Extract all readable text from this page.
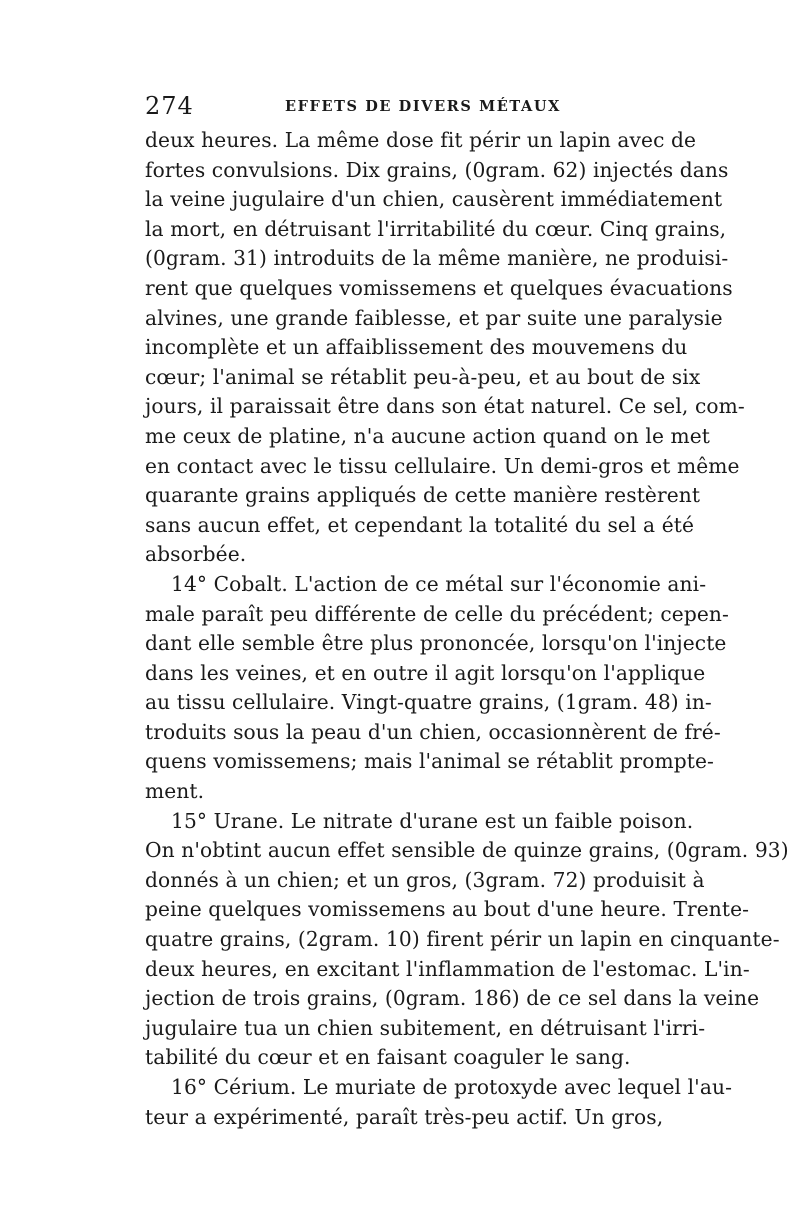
274	EFFETS DE DIVERS MÉTAUX
deux heures. La même dose fit périr un lapin avec de
fortes convulsions. Dix grains, (0gram. 62) injectés dans
la veine jugulaire d'un chien, causèrent immédiatement
la mort, en détruisant l'irritabilité du cœur. Cinq grains,
(0gram. 31) introduits de la même manière, ne produisi-
rent que quelques vomissemens et quelques évacuations
alvines, une grande faiblesse, et par suite une paralysie
incomplète et un affaiblissement des mouvemens du
cœur; l'animal se rétablit peu-à-peu, et au bout de six
jours, il paraissait être dans son état naturel. Ce sel, com-
me ceux de platine, n'a aucune action quand on le met
en contact avec le tissu cellulaire. Un demi-gros et même
quarante grains appliqués de cette manière restèrent
sans aucun effet, et cependant la totalité du sel a été
absorbée.
14° Cobalt. L'action de ce métal sur l'économie ani-
male paraît peu différente de celle du précédent; cepen-
dant elle semble être plus prononcée, lorsqu'on l'injecte
dans les veines, et en outre il agit lorsqu'on l'applique
au tissu cellulaire. Vingt-quatre grains, (1gram. 48) in-
troduits sous la peau d'un chien, occasionnèrent de fré-
quens vomissemens; mais l'animal se rétablit prompte-
ment.
15° Urane. Le nitrate d'urane est un faible poison.
On n'obtint aucun effet sensible de quinze grains, (0gram. 93)
donnés à un chien; et un gros, (3gram. 72) produisit à
peine quelques vomissemens au bout d'une heure. Trente-
quatre grains, (2gram. 10) firent périr un lapin en cinquante-
deux heures, en excitant l'inflammation de l'estomac. L'in-
jection de trois grains, (0gram. 186) de ce sel dans la veine
jugulaire tua un chien subitement, en détruisant l'irri-
tabilité du cœur et en faisant coaguler le sang.
16° Cérium. Le muriate de protoxyde avec lequel l'au-
teur a expérimenté, paraît très-peu actif. Un gros,
